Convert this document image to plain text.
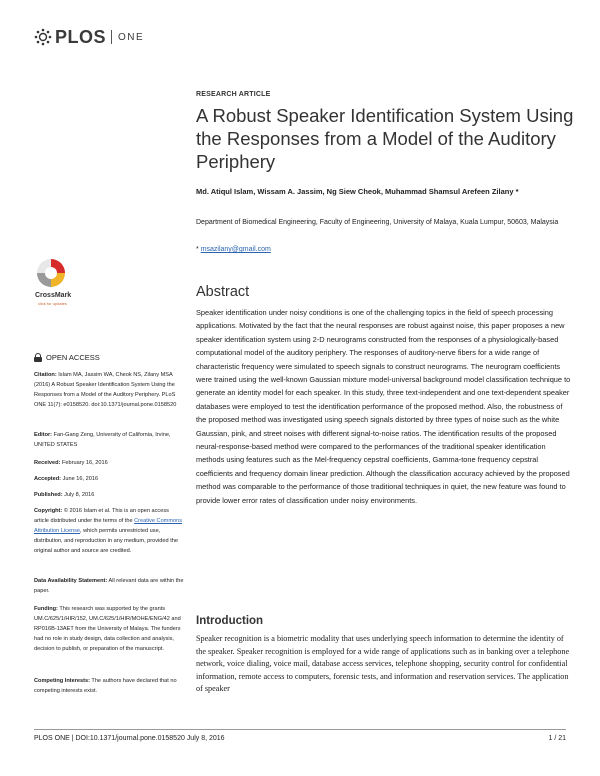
PLOS ONE
RESEARCH ARTICLE
A Robust Speaker Identification System Using the Responses from a Model of the Auditory Periphery
Md. Atiqul Islam, Wissam A. Jassim, Ng Siew Cheok, Muhammad Shamsul Arefeen Zilany *
Department of Biomedical Engineering, Faculty of Engineering, University of Malaya, Kuala Lumpur, 50603, Malaysia
* msazilany@gmail.com
CrossMark
click for updates
OPEN ACCESS
Citation: Islam MA, Jassim WA, Cheok NS, Zilany MSA (2016) A Robust Speaker Identification System Using the Responses from a Model of the Auditory Periphery. PLoS ONE 11(7): e0158520. doi:10.1371/journal.pone.0158520
Editor: Fan-Gang Zeng, University of California, Irvine, UNITED STATES
Received: February 16, 2016
Accepted: June 16, 2016
Published: July 8, 2016
Copyright: © 2016 Islam et al. This is an open access article distributed under the terms of the Creative Commons Attribution License, which permits unrestricted use, distribution, and reproduction in any medium, provided the original author and source are credited.
Data Availability Statement: All relevant data are within the paper.
Funding: This research was supported by the grants UM.C/625/1/HIR/152, UM.C/625/1/HIR/MOHE/ENG/42 and RP016B-13AET from the University of Malaya. The funders had no role in study design, data collection and analysis, decision to publish, or preparation of the manuscript.
Competing Interests: The authors have declared that no competing interests exist.
Abstract
Speaker identification under noisy conditions is one of the challenging topics in the field of speech processing applications. Motivated by the fact that the neural responses are robust against noise, this paper proposes a new speaker identification system using 2-D neurograms constructed from the responses of a physiologically-based computational model of the auditory periphery. The responses of auditory-nerve fibers for a wide range of characteristic frequency were simulated to speech signals to construct neurograms. The neurogram coefficients were trained using the well-known Gaussian mixture model-universal background model classification technique to generate an identity model for each speaker. In this study, three text-independent and one text-dependent speaker databases were employed to test the identification performance of the proposed method. Also, the robustness of the proposed method was investigated using speech signals distorted by three types of noise such as the white Gaussian, pink, and street noises with different signal-to-noise ratios. The identification results of the proposed neural-response-based method were compared to the performances of the traditional speaker identification methods using features such as the Mel-frequency cepstral coefficients, Gamma-tone frequency cepstral coefficients and frequency domain linear prediction. Although the classification accuracy achieved by the proposed method was comparable to the performance of those traditional techniques in quiet, the new feature was found to provide lower error rates of classification under noisy environments.
Introduction
Speaker recognition is a biometric modality that uses underlying speech information to determine the identity of the speaker. Speaker recognition is employed for a wide range of applications such as in banking over a telephone network, voice dialing, voice mail, database access services, telephone shopping, security control for confidential information, remote access to computers, forensic tests, and information and reservation services. The application of speaker
PLOS ONE | DOI:10.1371/journal.pone.0158520 July 8, 2016	1 / 21
